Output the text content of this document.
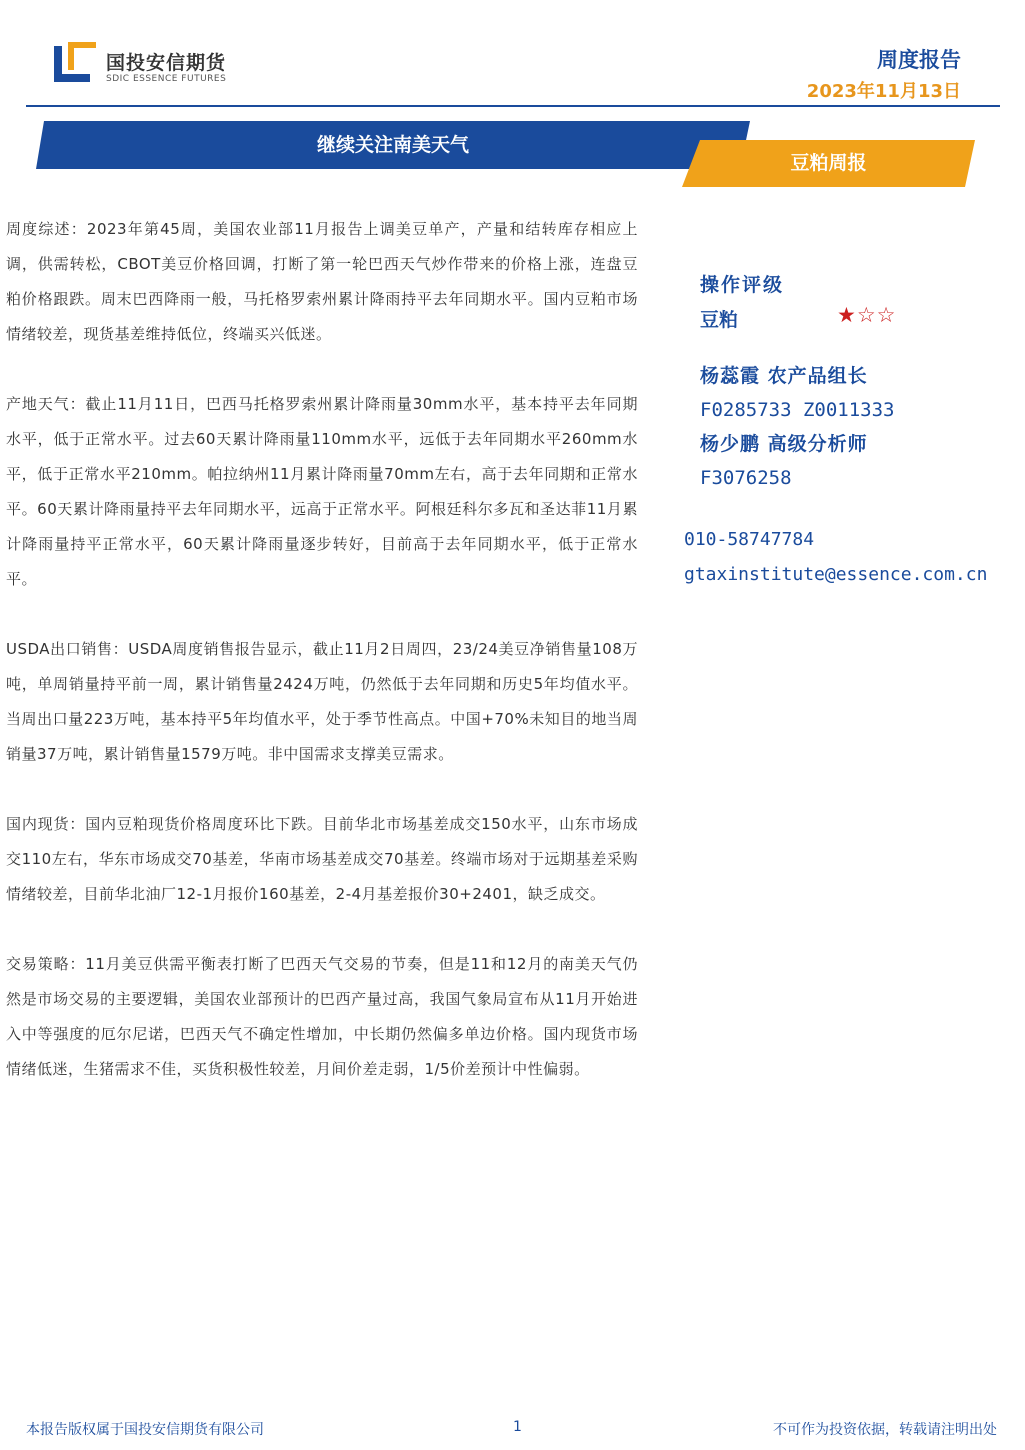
国投安信期货
SDIC ESSENCE FUTURES
周度报告
2023年11月13日
继续关注南美天气
豆粕周报

周度综述：2023年第45周，美国农业部11月报告上调美豆单产，产量和结转库存相应上调，供需转松，CBOT美豆价格回调，打断了第一轮巴西天气炒作带来的价格上涨，连盘豆粕价格跟跌。周末巴西降雨一般，马托格罗索州累计降雨持平去年同期水平。国内豆粕市场情绪较差，现货基差维持低位，终端买兴低迷。

产地天气：截止11月11日，巴西马托格罗索州累计降雨量30mm水平，基本持平去年同期水平，低于正常水平。过去60天累计降雨量110mm水平，远低于去年同期水平260mm水平，低于正常水平210mm。帕拉纳州11月累计降雨量70mm左右，高于去年同期和正常水平。60天累计降雨量持平去年同期水平，远高于正常水平。阿根廷科尔多瓦和圣达菲11月累计降雨量持平正常水平，60天累计降雨量逐步转好，目前高于去年同期水平，低于正常水平。

USDA出口销售：USDA周度销售报告显示，截止11月2日周四，23/24美豆净销售量108万吨，单周销量持平前一周，累计销售量2424万吨，仍然低于去年同期和历史5年均值水平。当周出口量223万吨，基本持平5年均值水平，处于季节性高点。中国+70%未知目的地当周销量37万吨，累计销售量1579万吨。非中国需求支撑美豆需求。

国内现货：国内豆粕现货价格周度环比下跌。目前华北市场基差成交150水平，山东市场成交110左右，华东市场成交70基差，华南市场基差成交70基差。终端市场对于远期基差采购情绪较差，目前华北油厂12-1月报价160基差，2-4月基差报价30+2401，缺乏成交。

交易策略：11月美豆供需平衡表打断了巴西天气交易的节奏，但是11和12月的南美天气仍然是市场交易的主要逻辑，美国农业部预计的巴西产量过高，我国气象局宣布从11月开始进入中等强度的厄尔尼诺，巴西天气不确定性增加，中长期仍然偏多单边价格。国内现货市场情绪低迷，生猪需求不佳，买货积极性较差，月间价差走弱，1/5价差预计中性偏弱。

操作评级
豆粕	★☆☆
杨蕊霞 农产品组长
F0285733 Z0011333
杨少鹏 高级分析师
F3076258
010-58747784
gtaxinstitute@essence.com.cn
本报告版权属于国投安信期货有限公司	1	不可作为投资依据，转载请注明出处
